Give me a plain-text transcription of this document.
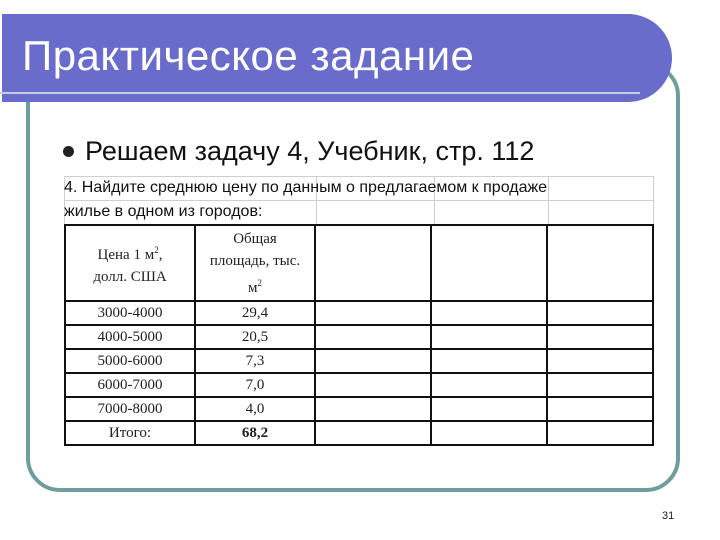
Практическое задание
Решаем задачу 4, Учебник, стр. 112
4. Найдите среднюю цену по данным о предлагаемом к продаже
жилье в одном из городов:
Цена 1 $м^2$,
долл. США	Общая
площадь, тыс.
$м^2$			
3000-4000	29,4			
4000-5000	20,5			
5000-6000	7,3			
6000-7000	7,0			
7000-8000	4,0			
Итого:	68,2			
31
